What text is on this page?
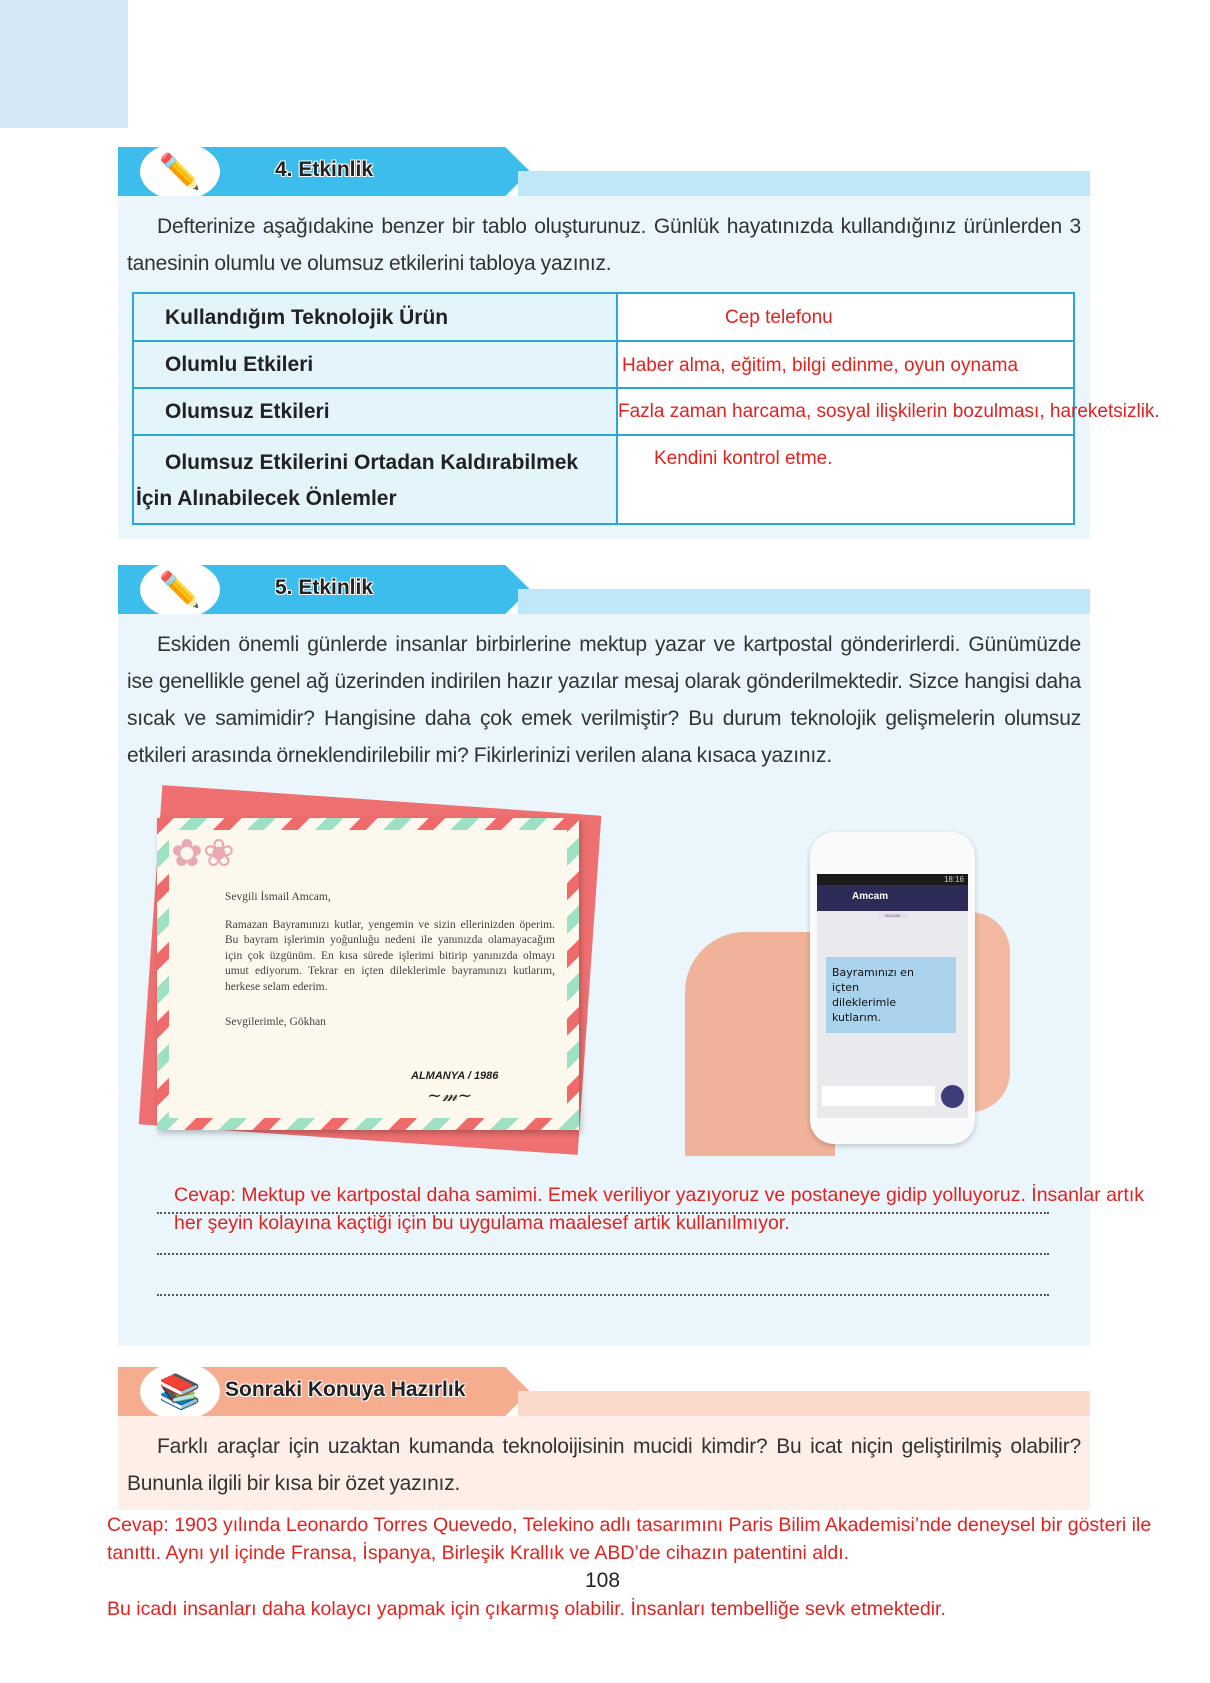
✏️	4. Etkinlik

Defterinize aşağıdakine benzer bir tablo oluşturunuz. Günlük hayatınızda kullandığınız ürünlerden 3 tanesinin olumlu ve olumsuz etkilerini tabloya yazınız.

Kullandığım Teknolojik Ürün	Cep telefonu
Olumlu Etkileri	Haber alma, eğitim, bilgi edinme, oyun oynama
Olumsuz Etkileri	Fazla zaman harcama, sosyal ilişkilerin bozulması, hareketsizlik.
Olumsuz Etkilerini Ortadan Kaldırabilmek İçin Alınabilecek Önlemler	Kendini kontrol etme.
✏️	5. Etkinlik

Eskiden önemli günlerde insanlar birbirlerine mektup yazar ve kartpostal gönderirlerdi. Günümüzde ise genellikle genel ağ üzerinden indirilen hazır yazılar mesaj olarak gönderilmektedir. Sizce hangisi daha sıcak ve samimidir? Hangisine daha çok emek verilmiştir? Bu durum teknolojik gelişmelerin olumsuz etkileri arasında örneklendirilebilir mi? Fikirlerinizi verilen alana kısaca yazınız.

✿❀
Sevgili İsmail Amcam,
Ramazan Bayramınızı kutlar, yengemin ve sizin ellerinizden öperim. Bu bayram işlerimin yoğunluğu nedeni ile yanınızda olamayacağım için çok üzgünüm. En kısa sürede işlerimi bitirip yanınızda olmayı umut ediyorum. Tekrar en içten dileklerimle bayramınızı kutlarım, herkese selam ederim.
Sevgilerimle, Gökhan
ALMANYA / 1986
~𝓂~
18:16
Amcam
BUGÜN
Bayramınızı en içten dileklerimle kutlarım.
Cevap: Mektup ve kartpostal daha samimi. Emek veriliyor yazıyoruz ve postaneye gidip yolluyoruz. İnsanlar artık
her şeyin kolayına kaçtiği için bu uygulama maalesef artik kullanılmıyor.
📚	Sonraki Konuya Hazırlık

Farklı araçlar için uzaktan kumanda teknoloijisinin mucidi kimdir? Bu icat niçin geliştirilmiş olabilir? Bununla ilgili bir kısa bir özet yazınız.

Cevap: 1903 yılında Leonardo Torres Quevedo, Telekino adlı tasarımını Paris Bilim Akademisi’nde deneysel bir gösteri ile
tanıttı. Aynı yıl içinde Fransa, İspanya, Birleşik Krallık ve ABD’de cihazın patentini aldı.
108
Bu icadı insanları daha kolaycı yapmak için çıkarmış olabilir. İnsanları tembelliğe sevk etmektedir.
